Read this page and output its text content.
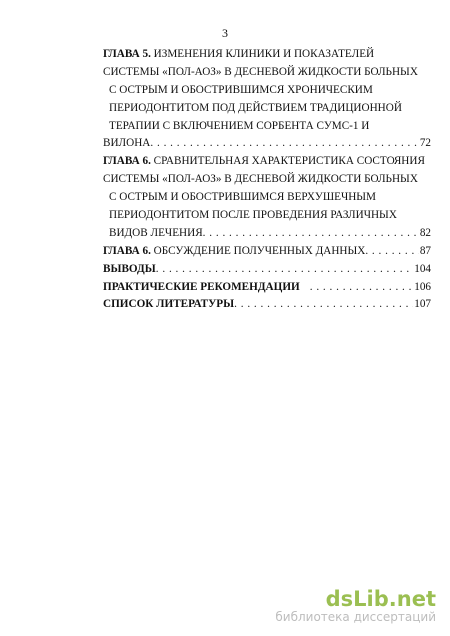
3
ГЛАВА 5. ИЗМЕНЕНИЯ КЛИНИКИ И ПОКАЗАТЕЛЕЙ
СИСТЕМЫ «ПОЛ-АОЗ» В ДЕСНЕВОЙ ЖИДКОСТИ БОЛЬНЫХ
С ОСТРЫМ И ОБОСТРИВШИМСЯ ХРОНИЧЕСКИМ
ПЕРИОДОНТИТОМ ПОД ДЕЙСТВИЕМ ТРАДИЦИОННОЙ
ТЕРАПИИ С ВКЛЮЧЕНИЕМ СОРБЕНТА СУМС-1 И
ВИЛОНА . . .	72
ГЛАВА 6. СРАВНИТЕЛЬНАЯ ХАРАКТЕРИСТИКА СОСТОЯНИЯ
СИСТЕМЫ «ПОЛ-АОЗ» В ДЕСНЕВОЙ ЖИДКОСТИ БОЛЬНЫХ
С ОСТРЫМ И ОБОСТРИВШИМСЯ ВЕРХУШЕЧНЫМ
ПЕРИОДОНТИТОМ ПОСЛЕ ПРОВЕДЕНИЯ РАЗЛИЧНЫХ
ВИДОВ ЛЕЧЕНИЯ . . .	82
ГЛАВА 6. ОБСУЖДЕНИЕ ПОЛУЧЕННЫХ ДАННЫХ . . .	87
ВЫВОДЫ . . .	104
ПРАКТИЧЕСКИЕ РЕКОМЕНДАЦИИ . . .	106
СПИСОК ЛИТЕРАТУРЫ . . .	107
dsLib.net
библиотека диссертаций
